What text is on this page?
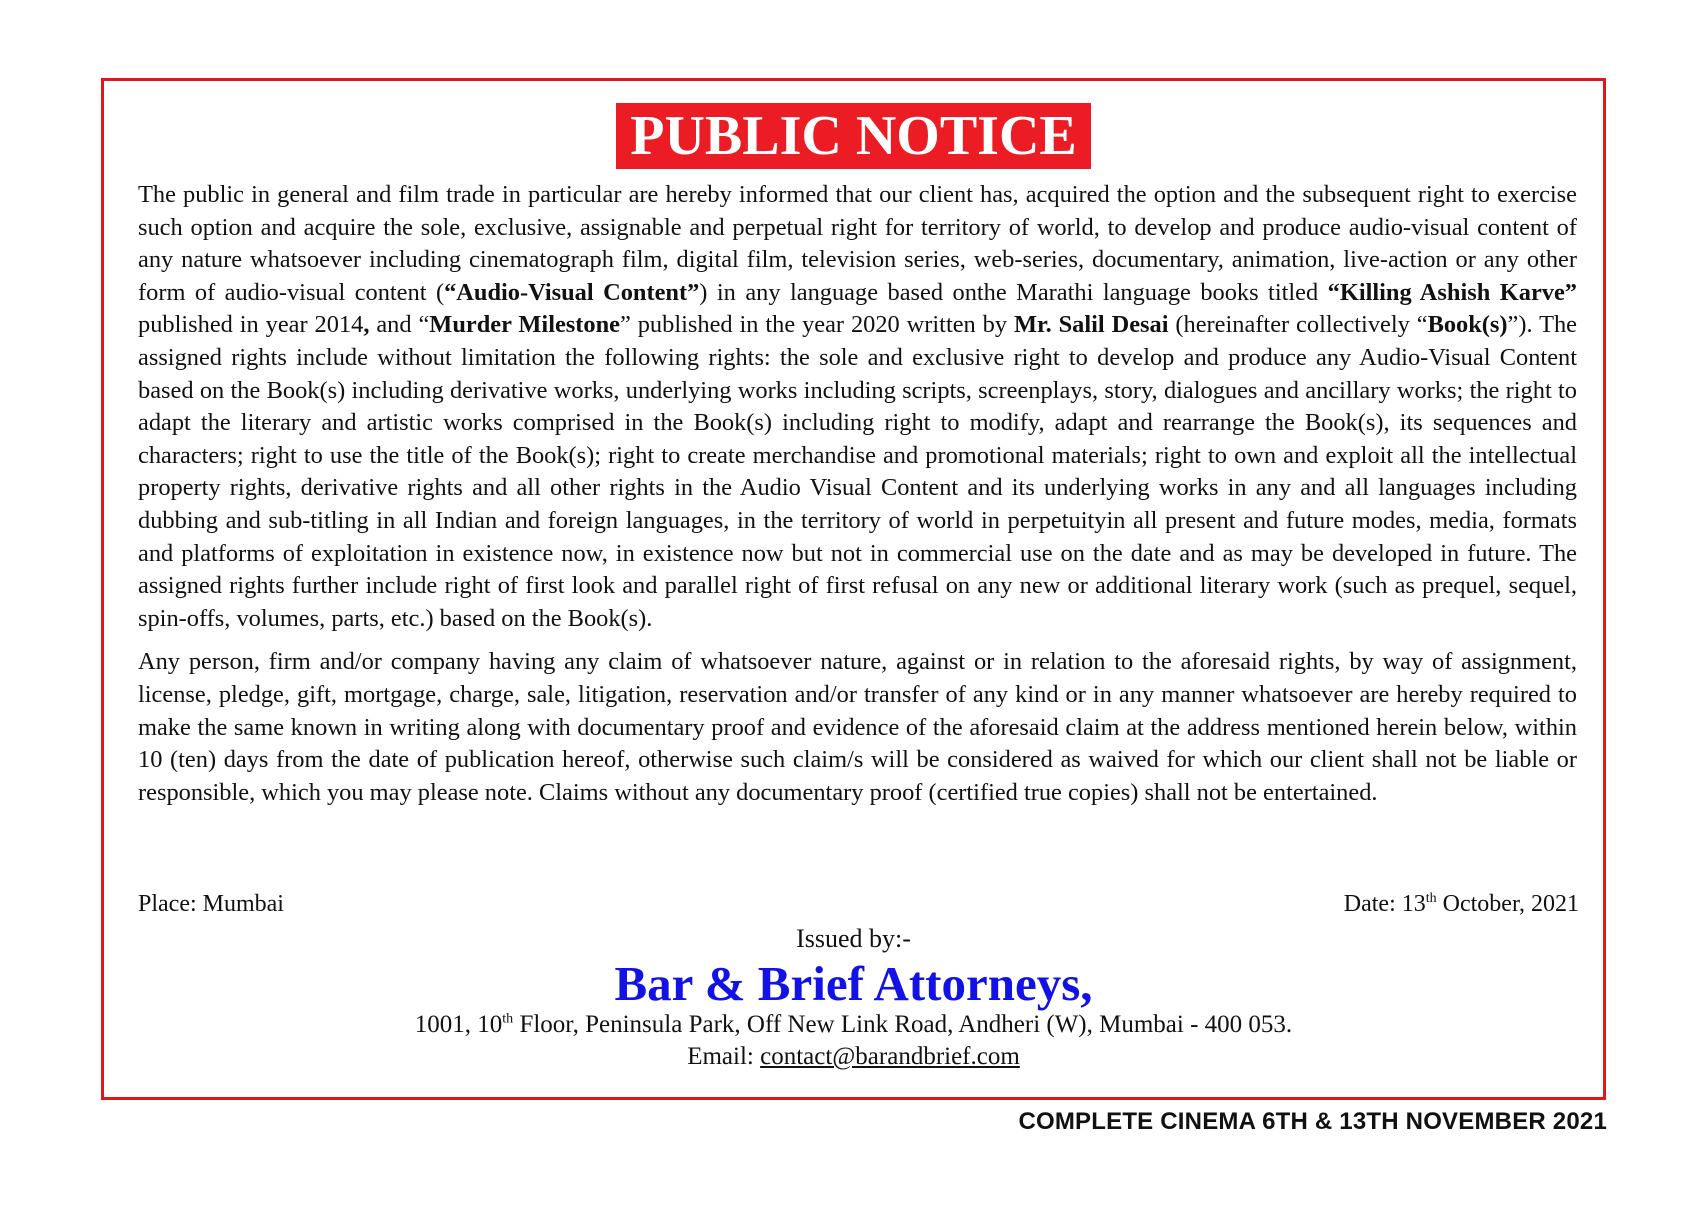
PUBLIC NOTICE

The public in general and film trade in particular are hereby informed that our client has, acquired the option and the subsequent right to exercise such option and acquire the sole, exclusive, assignable and perpetual right for territory of world, to develop and produce audio-visual content of any nature whatsoever including cinematograph film, digital film, television series, web-series, documentary, animation, live-action or any other form of audio-visual content (“Audio-Visual Content”) in any language based onthe Marathi language books titled “Killing Ashish Karve” published in year 2014, and “Murder Milestone” published in the year 2020 written by Mr. Salil Desai (hereinafter collectively “Book(s)”). The assigned rights include without limitation the following rights: the sole and exclusive right to develop and produce any Audio-Visual Content based on the Book(s) including derivative works, underlying works including scripts, screenplays, story, dialogues and ancillary works; the right to adapt the literary and artistic works comprised in the Book(s) including right to modify, adapt and rearrange the Book(s), its sequences and characters; right to use the title of the Book(s); right to create merchandise and promotional materials; right to own and exploit all the intellectual property rights, derivative rights and all other rights in the Audio Visual Content and its underlying works in any and all languages including dubbing and sub-titling in all Indian and foreign languages, in the territory of world in perpetuityin all present and future modes, media, formats and platforms of exploitation in existence now, in existence now but not in commercial use on the date and as may be developed in future. The assigned rights further include right of first look and parallel right of first refusal on any new or additional literary work (such as prequel, sequel, spin-offs, volumes, parts, etc.) based on the Book(s).

Any person, firm and/or company having any claim of whatsoever nature, against or in relation to the aforesaid rights, by way of assignment, license, pledge, gift, mortgage, charge, sale, litigation, reservation and/or transfer of any kind or in any manner whatsoever are hereby required to make the same known in writing along with documentary proof and evidence of the aforesaid claim at the address mentioned herein below, within 10 (ten) days from the date of publication hereof, otherwise such claim/s will be considered as waived for which our client shall not be liable or responsible, which you may please note. Claims without any documentary proof (certified true copies) shall not be entertained.

Place: Mumbai	Date: 13th October, 2021
Issued by:-
Bar & Brief Attorneys,
1001, 10th Floor, Peninsula Park, Off New Link Road, Andheri (W), Mumbai - 400 053.
Email: contact@barandbrief.com
COMPLETE CINEMA 6TH & 13TH NOVEMBER 2021
